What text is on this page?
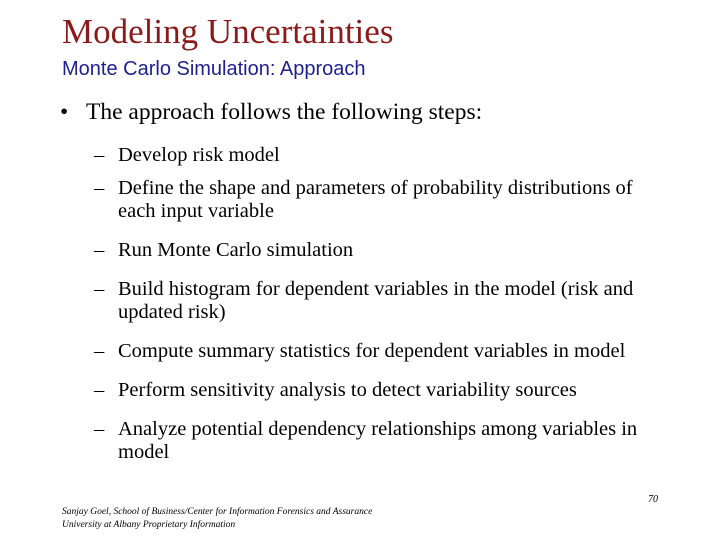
Modeling Uncertainties
Monte Carlo Simulation: Approach
• The approach follows the following steps:
– Develop risk model
– Define the shape and parameters of probability distributions of each input variable
– Run Monte Carlo simulation
– Build histogram for dependent variables in the model (risk and updated risk)
– Compute summary statistics for dependent variables in model
– Perform sensitivity analysis to detect variability sources
– Analyze potential dependency relationships among variables in model
Sanjay Goel, School of Business/Center for Information Forensics and Assurance
University at Albany Proprietary Information
70
